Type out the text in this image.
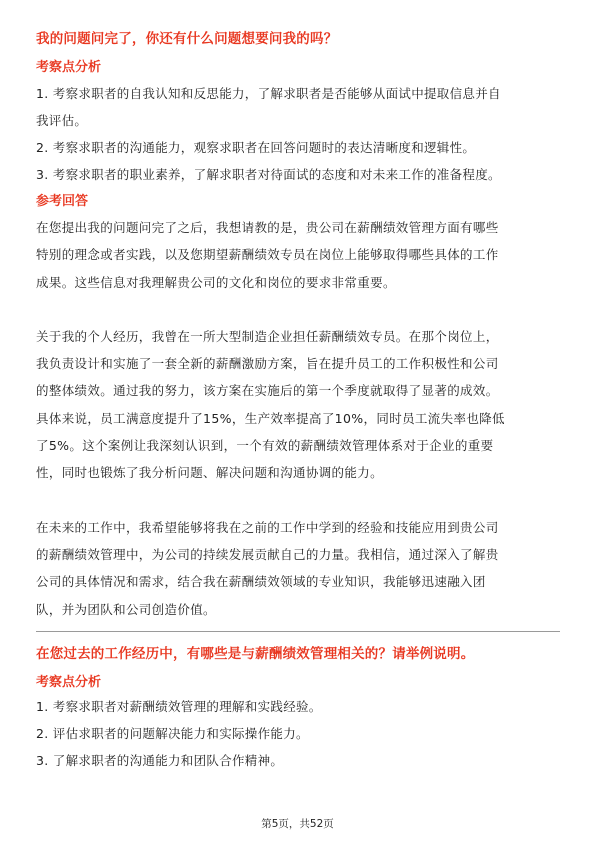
我的问题问完了，你还有什么问题想要问我的吗？

考察点分析

1. 考察求职者的自我认知和反思能力，了解求职者是否能够从面试中提取信息并自

我评估。

2. 考察求职者的沟通能力，观察求职者在回答问题时的表达清晰度和逻辑性。

3. 考察求职者的职业素养，了解求职者对待面试的态度和对未来工作的准备程度。

参考回答

在您提出我的问题问完了之后，我想请教的是，贵公司在薪酬绩效管理方面有哪些

特别的理念或者实践，以及您期望薪酬绩效专员在岗位上能够取得哪些具体的工作

成果。这些信息对我理解贵公司的文化和岗位的要求非常重要。

关于我的个人经历，我曾在一所大型制造企业担任薪酬绩效专员。在那个岗位上，

我负责设计和实施了一套全新的薪酬激励方案，旨在提升员工的工作积极性和公司

的整体绩效。通过我的努力，该方案在实施后的第一个季度就取得了显著的成效。

具体来说，员工满意度提升了15%，生产效率提高了10%，同时员工流失率也降低

了5%。这个案例让我深刻认识到，一个有效的薪酬绩效管理体系对于企业的重要

性，同时也锻炼了我分析问题、解决问题和沟通协调的能力。

在未来的工作中，我希望能够将我在之前的工作中学到的经验和技能应用到贵公司

的薪酬绩效管理中，为公司的持续发展贡献自己的力量。我相信，通过深入了解贵

公司的具体情况和需求，结合我在薪酬绩效领域的专业知识，我能够迅速融入团

队，并为团队和公司创造价值。

在您过去的工作经历中，有哪些是与薪酬绩效管理相关的？请举例说明。

考察点分析

1. 考察求职者对薪酬绩效管理的理解和实践经验。

2. 评估求职者的问题解决能力和实际操作能力。

3. 了解求职者的沟通能力和团队合作精神。

第5页，共52页
